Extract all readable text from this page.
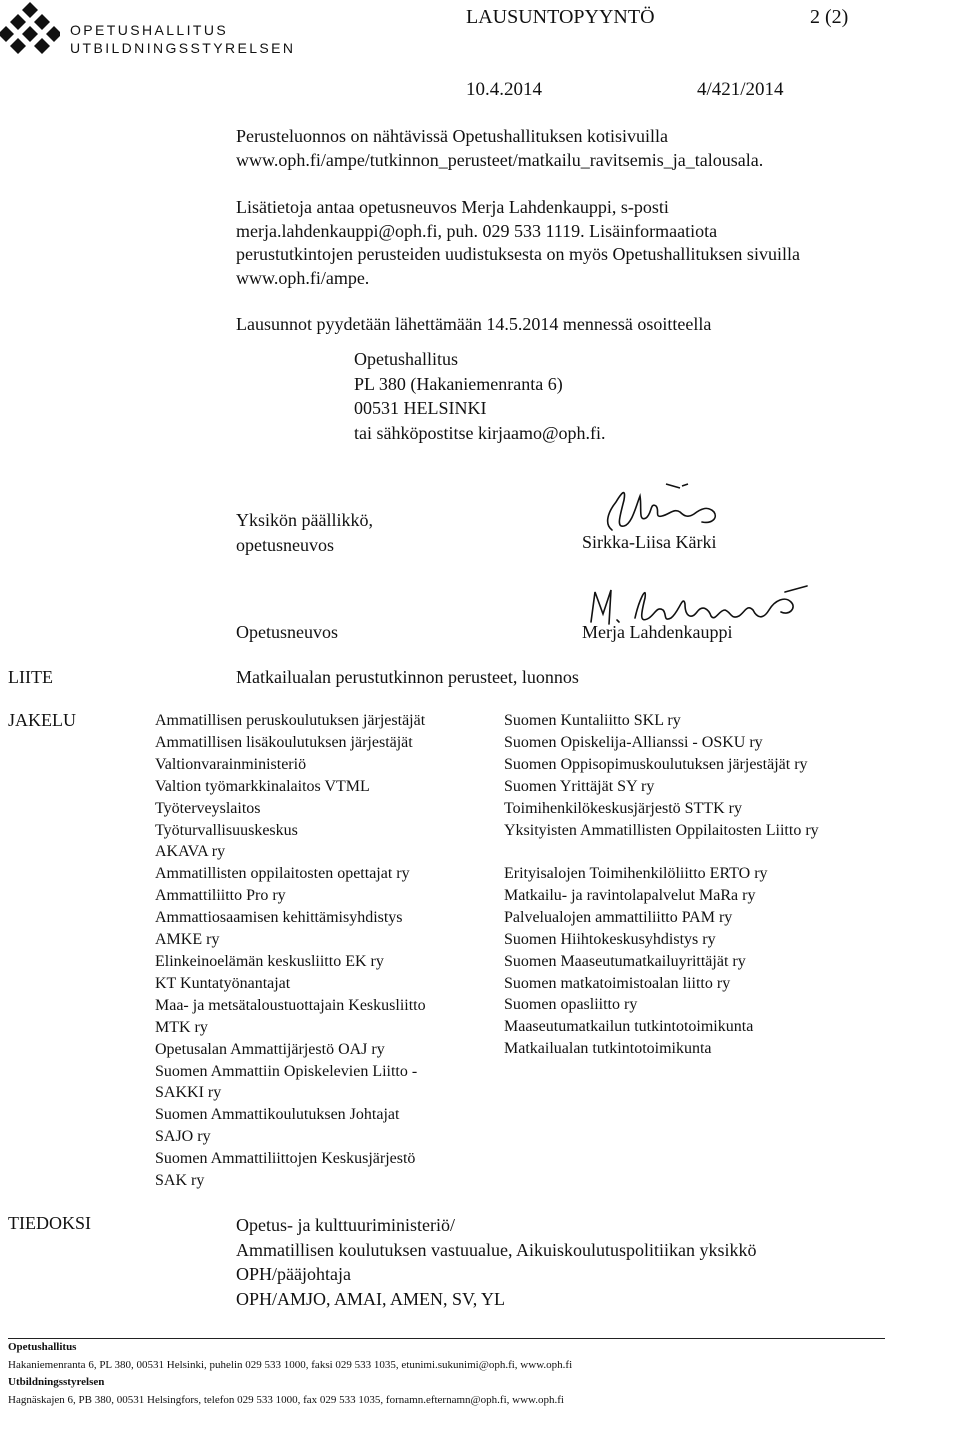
OPETUSHALLITUS
UTBILDNINGSSTYRELSEN
LAUSUNTOPYYNTÖ	2 (2)
10.4.2014	4/421/2014
Perusteluonnos on nähtävissä Opetushallituksen kotisivuilla
www.oph.fi/ampe/tutkinnon_perusteet/matkailu_ravitsemis_ja_talousala.
Lisätietoja antaa opetusneuvos Merja Lahdenkauppi, s-posti
merja.lahdenkauppi@oph.fi, puh. 029 533 1119. Lisäinformaatiota
perustutkintojen perusteiden uudistuksesta on myös Opetushallituksen sivuilla
www.oph.fi/ampe.
Lausunnot pyydetään lähettämään 14.5.2014 mennessä osoitteella
Opetushallitus
PL 380 (Hakaniemenranta 6)
00531 HELSINKI
tai sähköpostitse kirjaamo@oph.fi.
Yksikön päällikkö,
opetusneuvos	Sirkka-Liisa Kärki
Opetusneuvos	Merja Lahdenkauppi
LIITE	Matkailualan perustutkinnon perusteet, luonnos
JAKELU	Ammatillisen peruskoulutuksen järjestäjät
Ammatillisen lisäkoulutuksen järjestäjät
Valtionvarainministeriö
Valtion työmarkkinalaitos VTML
Työterveyslaitos
Työturvallisuuskeskus
AKAVA ry
Ammatillisten oppilaitosten opettajat ry
Ammattiliitto Pro ry
Ammattiosaamisen kehittämisyhdistys
AMKE ry
Elinkeinoelämän keskusliitto EK ry
KT Kuntatyönantajat
Maa- ja metsätaloustuottajain Keskusliitto
MTK ry
Opetusalan Ammattijärjestö OAJ ry
Suomen Ammattiin Opiskelevien Liitto -
SAKKI ry
Suomen Ammattikoulutuksen Johtajat
SAJO ry
Suomen Ammattiliittojen Keskusjärjestö
SAK ry
Suomen Kuntaliitto SKL ry
Suomen Opiskelija-Allianssi - OSKU ry
Suomen Oppisopimuskoulutuksen järjestäjät ry
Suomen Yrittäjät SY ry
Toimihenkilökeskusjärjestö STTK ry
Yksityisten Ammatillisten Oppilaitosten Liitto ry
Erityisalojen Toimihenkilöliitto ERTO ry
Matkailu- ja ravintolapalvelut MaRa ry
Palvelualojen ammattiliitto PAM ry
Suomen Hiihtokeskusyhdistys ry
Suomen Maaseutumatkailuyrittäjät ry
Suomen matkatoimistoalan liitto ry
Suomen opasliitto ry
Maaseutumatkailun tutkintotoimikunta
Matkailualan tutkintotoimikunta
TIEDOKSI	Opetus- ja kulttuuriministeriö/
Ammatillisen koulutuksen vastuualue, Aikuiskoulutuspolitiikan yksikkö
OPH/pääjohtaja
OPH/AMJO, AMAI, AMEN, SV, YL
Opetushallitus
Hakaniemenranta 6, PL 380, 00531 Helsinki, puhelin 029 533 1000, faksi 029 533 1035, etunimi.sukunimi@oph.fi, www.oph.fi
Utbildningsstyrelsen
Hagnäskajen 6, PB 380, 00531 Helsingfors, telefon 029 533 1000, fax 029 533 1035, fornamn.efternamn@oph.fi, www.oph.fi
